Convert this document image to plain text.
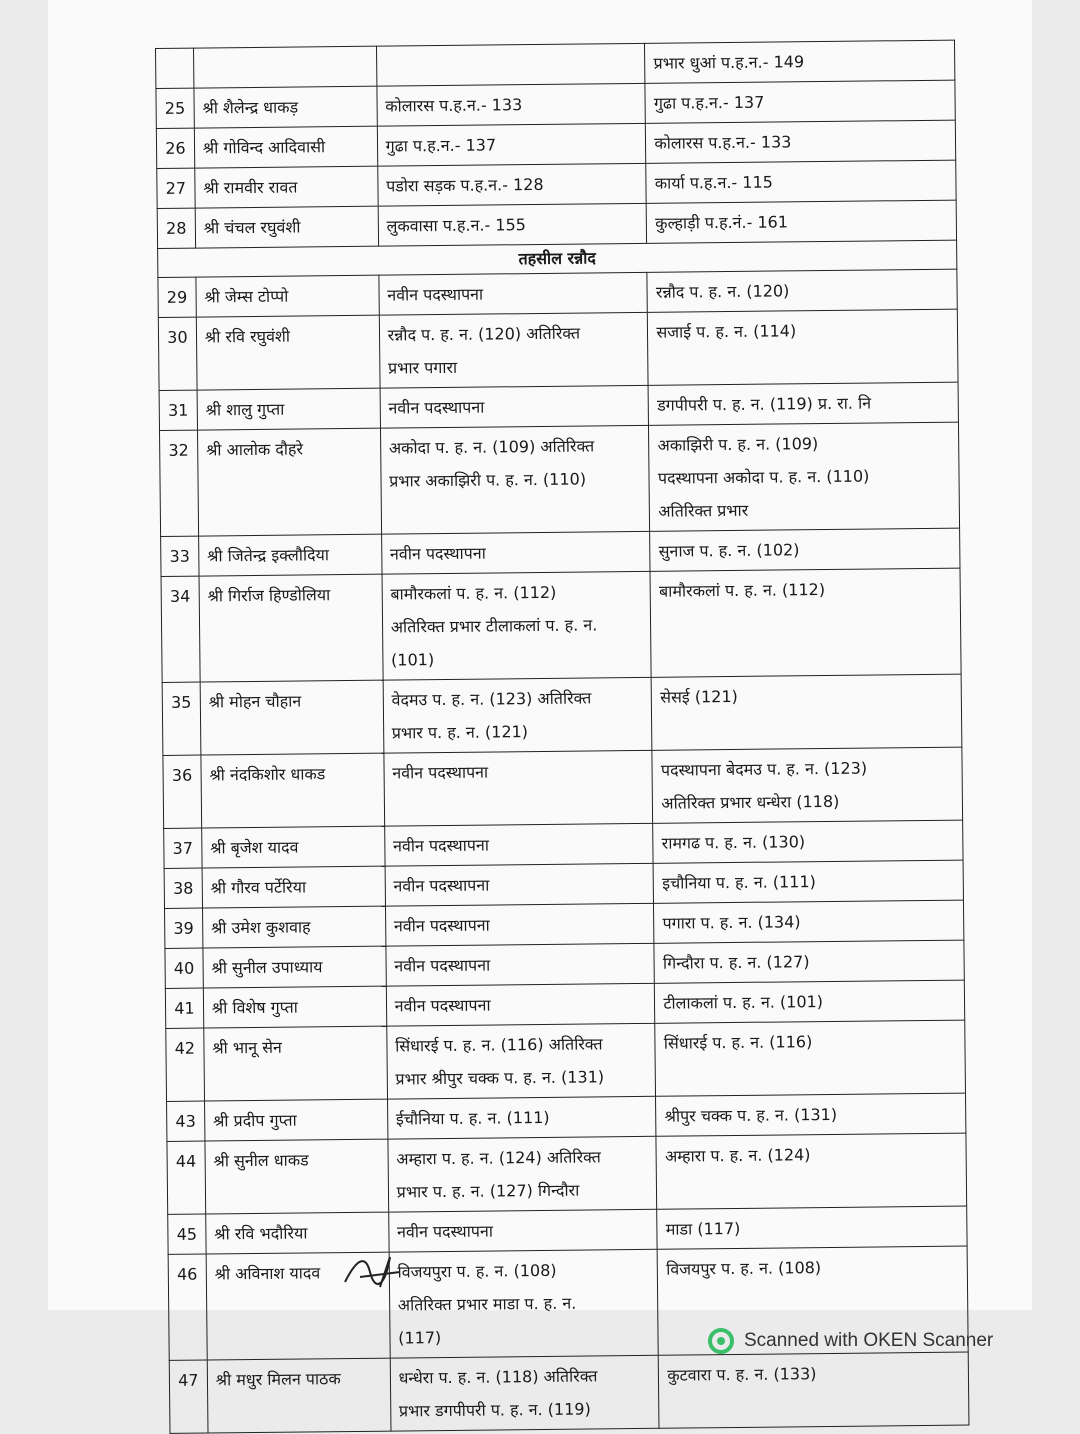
			प्रभार धुआं प.ह.न.- 149

25	श्री शैलेन्द्र धाकड़	कोलारस प.ह.न.- 133	गुढा प.ह.न.- 137

26	श्री गोविन्द आदिवासी	गुढा प.ह.न.- 137	कोलारस प.ह.न.- 133

27	श्री रामवीर रावत	पडोरा सड़क प.ह.न.- 128	कार्या प.ह.न.- 115

28	श्री चंचल रघुवंशी	लुकवासा प.ह.न.- 155	कुल्हाड़ी प.ह.नं.- 161

तहसील रन्नौद			

29	श्री जेम्स टोप्पो	नवीन पदस्थापना	रन्नौद प. ह. न. (120)

30	श्री रवि रघुवंशी	रन्नौद प. ह. न. (120) अतिरिक्त
प्रभार पगारा	सजाई प. ह. न. (114)

31	श्री शालु गुप्ता	नवीन पदस्थापना	डगपीपरी प. ह. न. (119) प्र. रा. नि

32	श्री आलोक दौहरे	अकोदा प. ह. न. (109) अतिरिक्त
प्रभार अकाझिरी प. ह. न. (110)	अकाझिरी प. ह. न. (109)
पदस्थापना अकोदा प. ह. न. (110)
अतिरिक्त प्रभार

33	श्री जितेन्द्र इक्लौदिया	नवीन पदस्थापना	सुनाज प. ह. न. (102)

34	श्री गिर्राज हिण्डोलिया	बामौरकलां प. ह. न. (112)
अतिरिक्त प्रभार टीलाकलां प. ह. न.
(101)	बामौरकलां प. ह. न. (112)

35	श्री मोहन चौहान	वेदमउ प. ह. न. (123) अतिरिक्त
प्रभार प. ह. न. (121)	सेसई (121)

36	श्री नंदकिशोर धाकड	नवीन पदस्थापना	पदस्थापना बेदमउ प. ह. न. (123)
अतिरिक्त प्रभार धन्धेरा (118)

37	श्री बृजेश यादव	नवीन पदस्थापना	रामगढ प. ह. न. (130)

38	श्री गौरव पर्टेरिया	नवीन पदस्थापना	इचौनिया प. ह. न. (111)

39	श्री उमेश कुशवाह	नवीन पदस्थापना	पगारा प. ह. न. (134)

40	श्री सुनील उपाध्याय	नवीन पदस्थापना	गिन्दौरा प. ह. न. (127)

41	श्री विशेष गुप्ता	नवीन पदस्थापना	टीलाकलां प. ह. न. (101)

42	श्री भानू सेन	सिंधारई प. ह. न. (116) अतिरिक्त
प्रभार श्रीपुर चक्क प. ह. न. (131)	सिंधारई प. ह. न. (116)

43	श्री प्रदीप गुप्ता	ईचौनिया प. ह. न. (111)	श्रीपुर चक्क प. ह. न. (131)

44	श्री सुनील धाकड	अम्हारा प. ह. न. (124) अतिरिक्त
प्रभार प. ह. न. (127) गिन्दौरा	अम्हारा प. ह. न. (124)

45	श्री रवि भदौरिया	नवीन पदस्थापना	माडा (117)

46	श्री अविनाश यादव	विजयपुरा प. ह. न. (108)
अतिरिक्त प्रभार माडा प. ह. न.
(117)	विजयपुर प. ह. न. (108)

47	श्री मधुर मिलन पाठक	धन्धेरा प. ह. न. (118) अतिरिक्त
प्रभार डगपीपरी प. ह. न. (119)	कुटवारा प. ह. न. (133)
Scanned with OKEN Scanner
